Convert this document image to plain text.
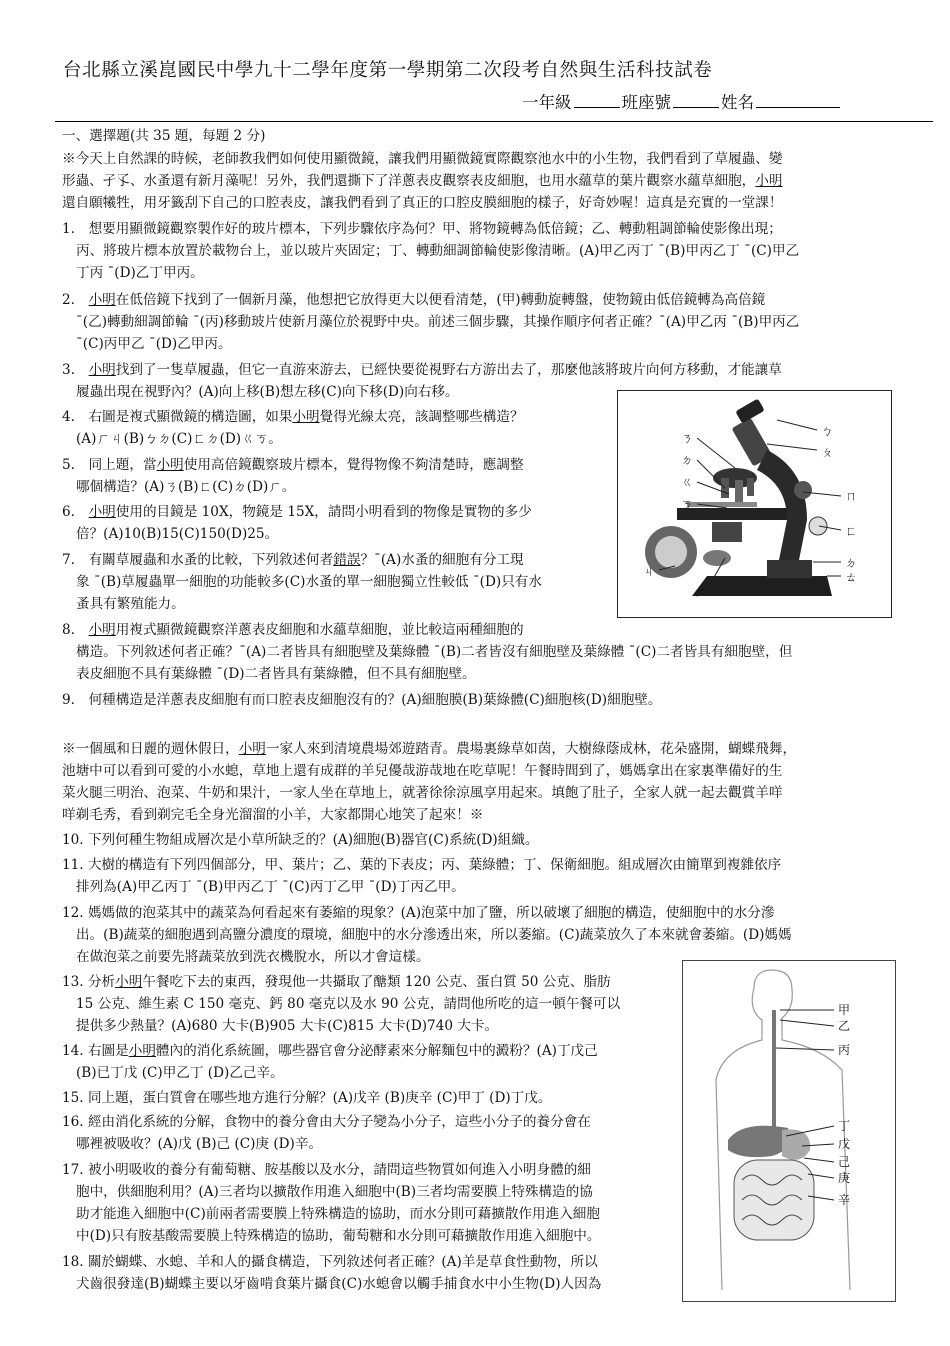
台北縣立溪崑國民中學九十二學年度第一學期第二次段考自然與生活科技試卷
一年級	班座號	姓名
一、選擇題(共 35 題，每題 2 分)
※今天上自然課的時候，老師教我們如何使用顯微鏡，讓我們用顯微鏡實際觀察池水中的小生物，我們看到了草履蟲、變
形蟲、孑孓、水蚤還有新月藻呢！另外，我們還撕下了洋蔥表皮觀察表皮細胞，也用水蘊草的葉片觀察水蘊草細胞，小明
還自願犧牲，用牙籤刮下自己的口腔表皮，讓我們看到了真正的口腔皮膜細胞的樣子，好奇妙喔！這真是充實的一堂課！
1.　想要用顯微鏡觀察製作好的玻片標本，下列步驟依序為何？甲、將物鏡轉為低倍鏡；乙、轉動粗調節輪使影像出現；
丙、將玻片標本放置於載物台上，並以玻片夾固定；丁、轉動細調節輪使影像清晰。(A)甲乙丙丁 ˉ(B)甲丙乙丁 ˉ(C)甲乙
丁丙 ˉ(D)乙丁甲丙。
2.　小明在低倍鏡下找到了一個新月藻，他想把它放得更大以便看清楚，(甲)轉動旋轉盤，使物鏡由低倍鏡轉為高倍鏡
ˉ(乙)轉動細調節輪 ˉ(丙)移動玻片使新月藻位於視野中央。前述三個步驟，其操作順序何者正確？ˉ(A)甲乙丙 ˉ(B)甲丙乙
ˉ(C)丙甲乙 ˉ(D)乙甲丙。
3.　小明找到了一隻草履蟲，但它一直游來游去，已經快要從視野右方游出去了，那麼他該將玻片向何方移動，才能讓草
履蟲出現在視野內？(A)向上移(B)想左移(C)向下移(D)向右移。
4.　右圖是複式顯微鏡的構造圖，如果小明覺得光線太亮，該調整哪些構造？
(A)ㄏㄐ(B)ㄅㄉ(C)ㄈㄉ(D)ㄍㄎ。
5.　同上題，當小明使用高倍鏡觀察玻片標本，覺得物像不夠清楚時，應調整
哪個構造？(A)ㄋ(B)ㄈ(C)ㄉ(D)ㄏ。
6.　小明使用的目鏡是 10X，物鏡是 15X，請問小明看到的物像是實物的多少
倍？(A)10(B)15(C)150(D)25。
7.　有關草履蟲和水蚤的比較，下列敘述何者錯誤？ˉ(A)水蚤的細胞有分工現
象 ˉ(B)草履蟲單一細胞的功能較多(C)水蚤的單一細胞獨立性較低 ˉ(D)只有水
蚤具有繁殖能力。
8.　小明用複式顯微鏡觀察洋蔥表皮細胞和水蘊草細胞，並比較這兩種細胞的
構造。下列敘述何者正確？ˉ(A)二者皆具有細胞壁及葉綠體 ˉ(B)二者皆沒有細胞壁及葉綠體 ˉ(C)二者皆具有細胞壁，但
表皮細胞不具有葉綠體 ˉ(D)二者皆具有葉綠體，但不具有細胞壁。
9.　何種構造是洋蔥表皮細胞有而口腔表皮細胞沒有的？(A)細胞膜(B)葉綠體(C)細胞核(D)細胞壁。
※一個風和日麗的週休假日，小明一家人來到清境農場郊遊踏青。農場裏綠草如茵，大樹綠蔭成林，花朵盛開，蝴蝶飛舞，
池塘中可以看到可愛的小水螅，草地上還有成群的羊兒優哉游哉地在吃草呢！午餐時間到了，媽媽拿出在家裏準備好的生
菜火腿三明治、泡菜、牛奶和果汁，一家人坐在草地上，就著徐徐涼風享用起來。填飽了肚子，全家人就一起去觀賞羊咩
咩剃毛秀，看到剃完毛全身光溜溜的小羊，大家都開心地笑了起來！※
10. 下列何種生物組成層次是小草所缺乏的？(A)細胞(B)器官(C)系統(D)組織。
11. 大樹的構造有下列四個部分，甲、葉片；乙、葉的下表皮；丙、葉綠體；丁、保衛細胞。組成層次由簡單到複雜依序
排列為(A)甲乙丙丁 ˉ(B)甲丙乙丁 ˉ(C)丙丁乙甲 ˉ(D)丁丙乙甲。
12. 媽媽做的泡菜其中的蔬菜為何看起來有萎縮的現象？(A)泡菜中加了鹽，所以破壞了細胞的構造，使細胞中的水分滲
出。(B)蔬菜的細胞遇到高鹽分濃度的環境，細胞中的水分滲透出來，所以萎縮。(C)蔬菜放久了本來就會萎縮。(D)媽媽
在做泡菜之前要先將蔬菜放到洗衣機脫水，所以才會這樣。
13. 分析小明午餐吃下去的東西，發現他一共攝取了醣類 120 公克、蛋白質 50 公克、脂肪
15 公克、維生素 C 150 毫克、鈣 80 毫克以及水 90 公克，請問他所吃的這一頓午餐可以
提供多少熱量？(A)680 大卡(B)905 大卡(C)815 大卡(D)740 大卡。
14. 右圖是小明體內的消化系統圖，哪些器官會分泌酵素來分解麵包中的澱粉？(A)丁戊己
(B)已丁戊 (C)甲乙丁 (D)乙己辛。
15. 同上題，蛋白質會在哪些地方進行分解？(A)戊辛 (B)庚辛 (C)甲丁 (D)丁戊。
16. 經由消化系統的分解，食物中的養分會由大分子變為小分子，這些小分子的養分會在
哪裡被吸收？(A)戊 (B)己 (C)庚 (D)辛。
17. 被小明吸收的養分有葡萄糖、胺基酸以及水分，請問這些物質如何進入小明身體的細
胞中，供細胞利用？(A)三者均以擴散作用進入細胞中(B)三者均需要膜上特殊構造的協
助才能進入細胞中(C)前兩者需要膜上特殊構造的協助，而水分則可藉擴散作用進入細胞
中(D)只有胺基酸需要膜上特殊構造的協助，葡萄糖和水分則可藉擴散作用進入細胞中。
18. 關於蝴蝶、水螅、羊和人的攝食構造，下列敘述何者正確？(A)羊是草食性動物，所以
犬齒很發達(B)蝴蝶主要以牙齒啃食葉片攝食(C)水螅會以觸手捕食水中小生物(D)人因為
ㄋ
ㄉ
ㄍ
ㄎ
ㄐ
ㄏ
ㄅ
ㄆ
ㄇ
ㄈ
ㄉ
ㄊ
甲
乙
丙
丁
戊
己
庚
辛
